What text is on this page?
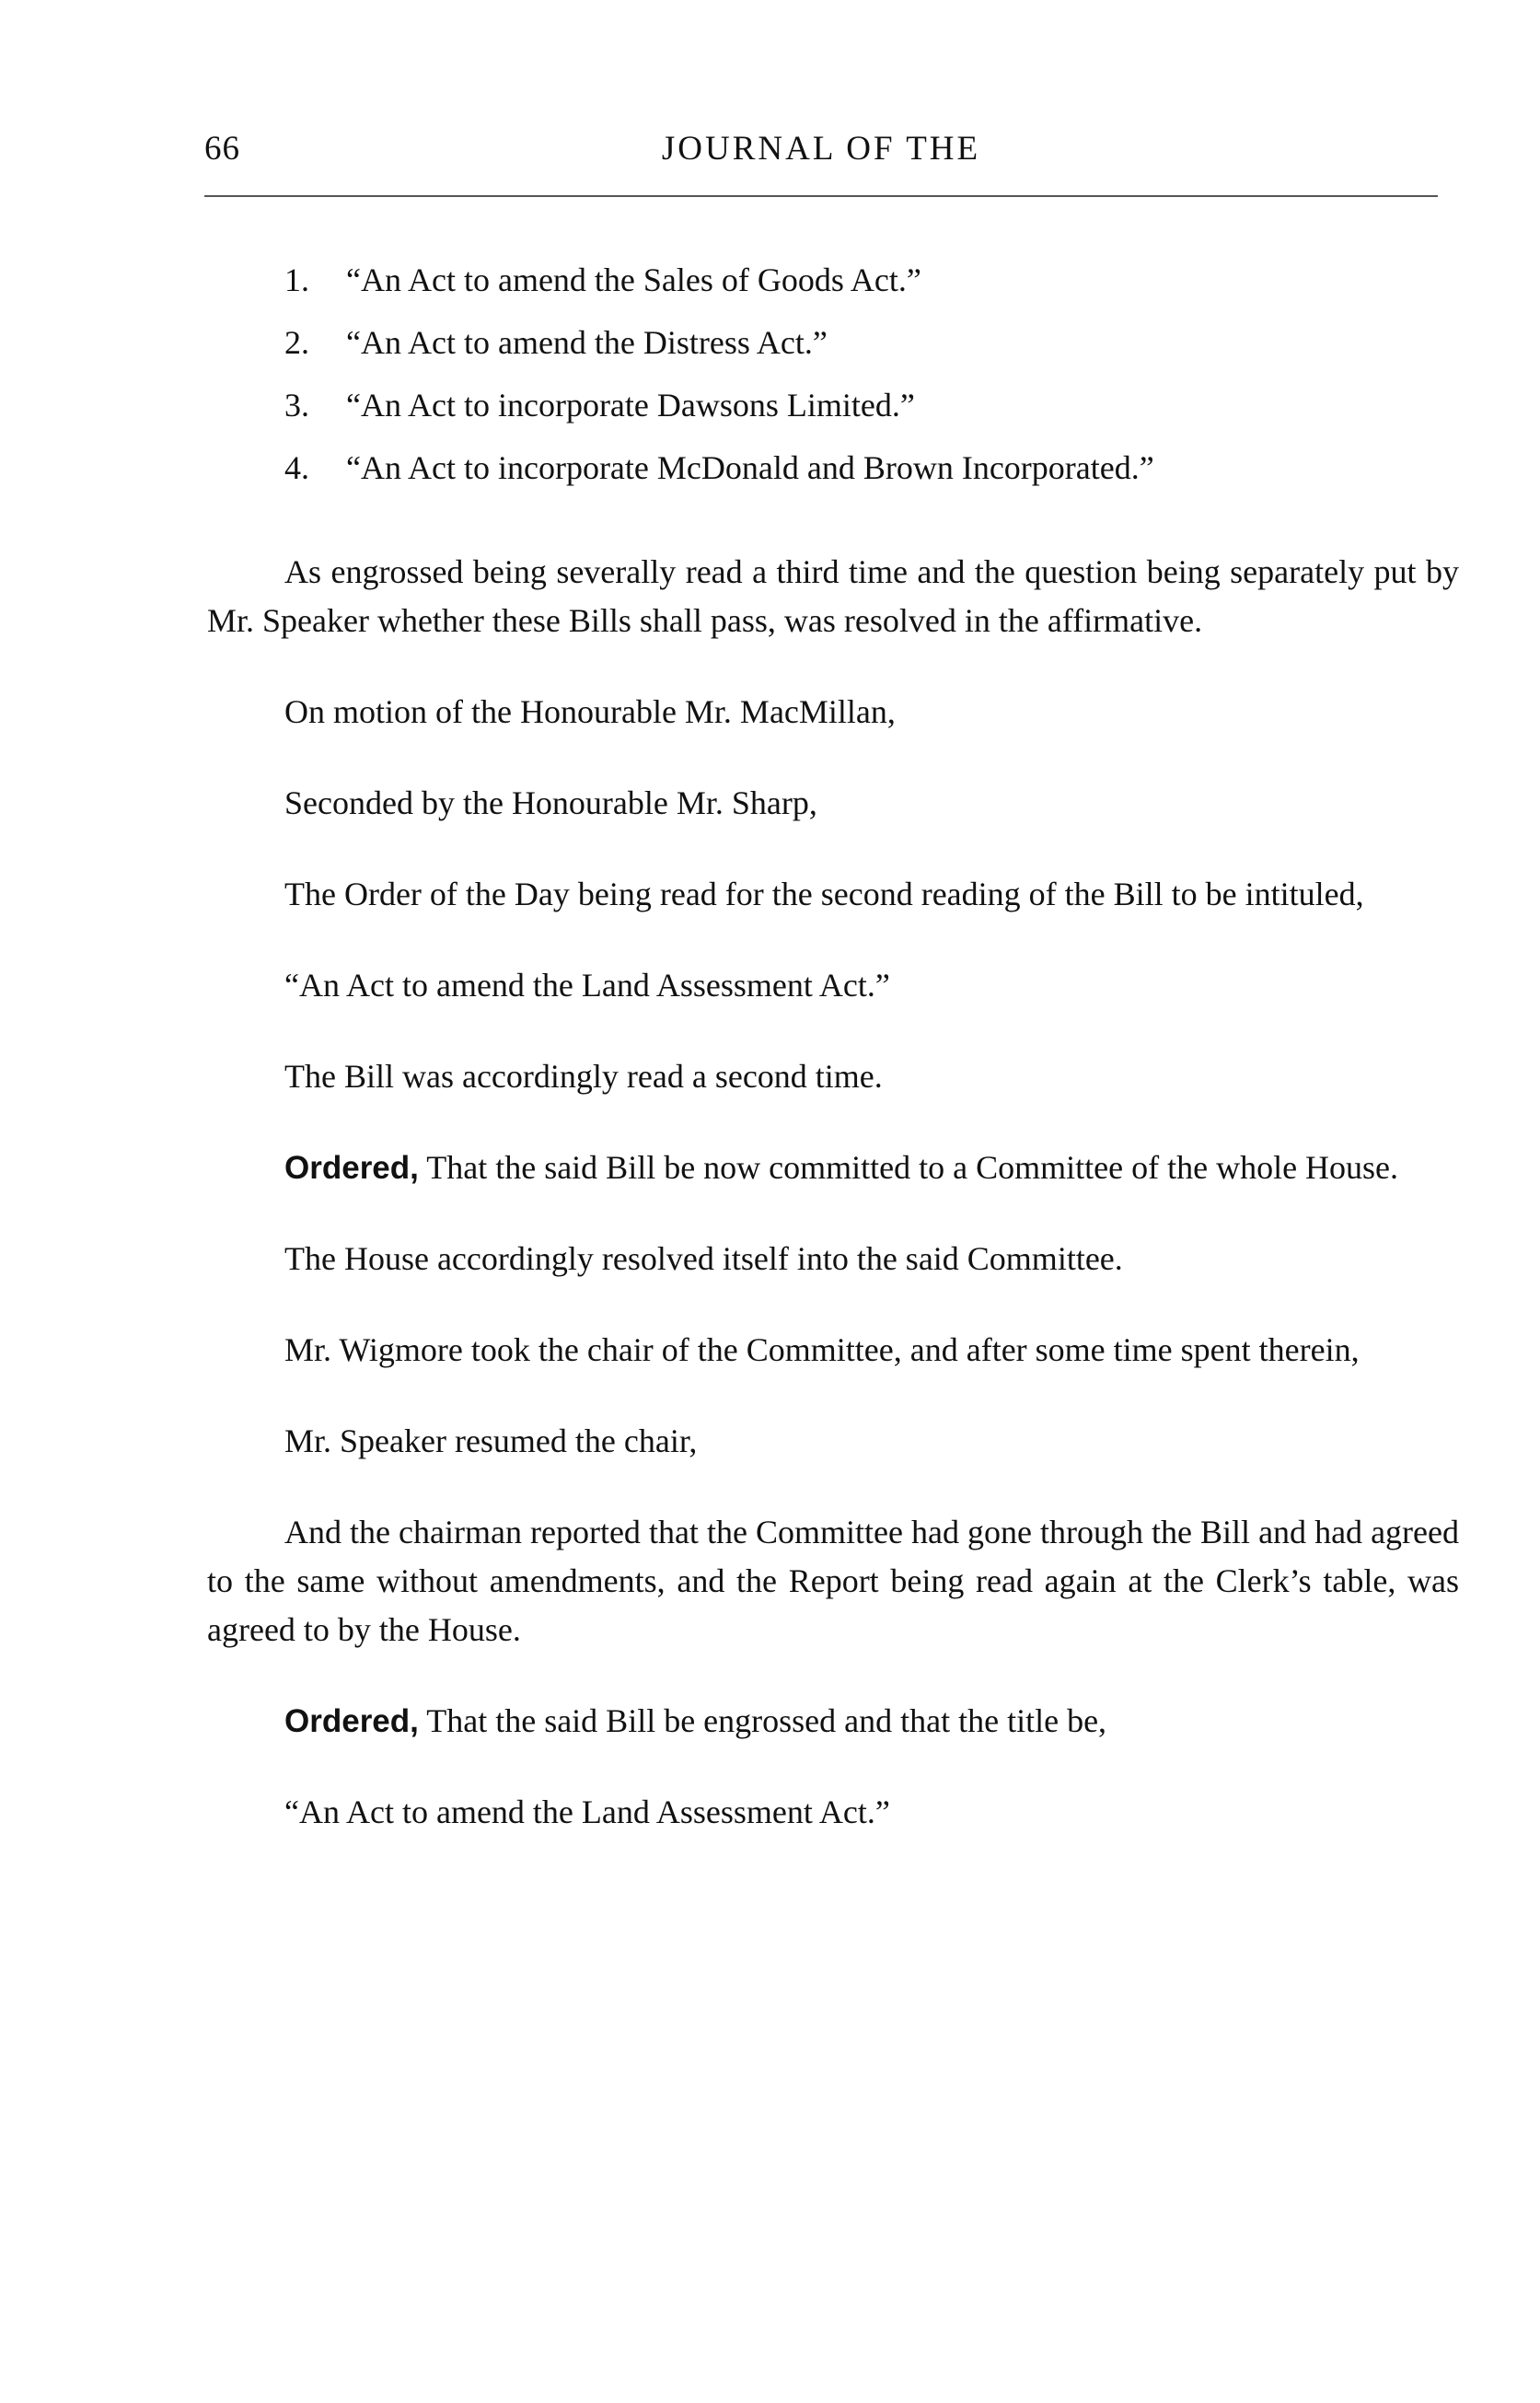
66	JOURNAL OF THE
1. “An Act to amend the Sales of Goods Act.”
2. “An Act to amend the Distress Act.”
3. “An Act to incorporate Dawsons Limited.”
4. “An Act to incorporate McDonald and Brown Incorporated.”

As engrossed being severally read a third time and the question being separately put by Mr. Speaker whether these Bills shall pass, was resolved in the affirmative.

On motion of the Honourable Mr. MacMillan,

Seconded by the Honourable Mr. Sharp,

The Order of the Day being read for the second reading of the Bill to be intituled,

“An Act to amend the Land Assessment Act.”

The Bill was accordingly read a second time.

Ordered, That the said Bill be now committed to a Committee of the whole House.

The House accordingly resolved itself into the said Committee.

Mr. Wigmore took the chair of the Committee, and after some time spent therein,

Mr. Speaker resumed the chair,

And the chairman reported that the Committee had gone through the Bill and had agreed to the same without amendments, and the Report being read again at the Clerk’s table, was agreed to by the House.

Ordered, That the said Bill be engrossed and that the title be,

“An Act to amend the Land Assessment Act.”
